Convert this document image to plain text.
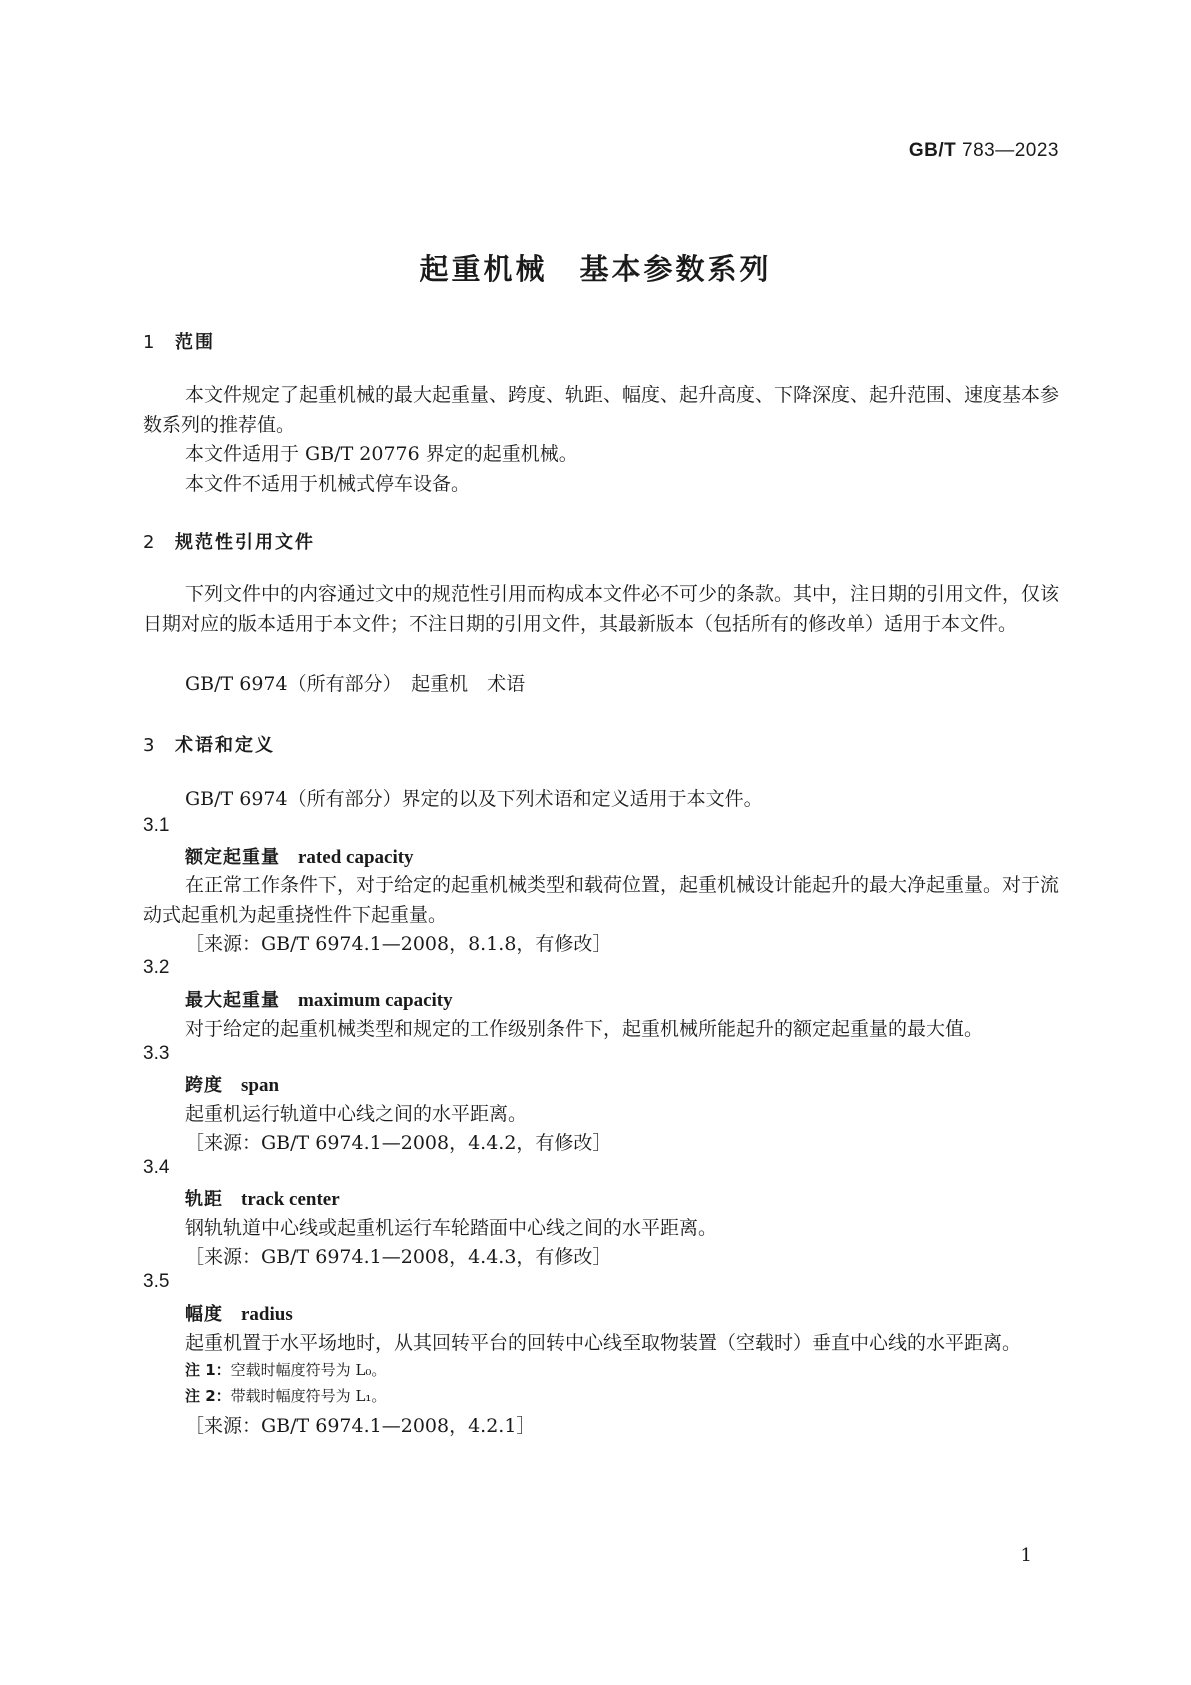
GB/T 783—2023
起重机械　基本参数系列
1 范围
本文件规定了起重机械的最大起重量、跨度、轨距、幅度、起升高度、下降深度、起升范围、速度基本参数系列的推荐值。
本文件适用于 GB/T 20776 界定的起重机械。
本文件不适用于机械式停车设备。
2 规范性引用文件
下列文件中的内容通过文中的规范性引用而构成本文件必不可少的条款。其中，注日期的引用文件，仅该日期对应的版本适用于本文件；不注日期的引用文件，其最新版本（包括所有的修改单）适用于本文件。
GB/T 6974（所有部分）　起重机　术语
3 术语和定义
GB/T 6974（所有部分）界定的以及下列术语和定义适用于本文件。
3.1
额定起重量 rated capacity
在正常工作条件下，对于给定的起重机械类型和载荷位置，起重机械设计能起升的最大净起重量。对于流动式起重机为起重挠性件下起重量。
［来源：GB/T 6974.1—2008，8.1.8，有修改］
3.2
最大起重量 maximum capacity
对于给定的起重机械类型和规定的工作级别条件下，起重机械所能起升的额定起重量的最大值。
3.3
跨度 span
起重机运行轨道中心线之间的水平距离。
［来源：GB/T 6974.1—2008，4.4.2，有修改］
3.4
轨距 track center
钢轨轨道中心线或起重机运行车轮踏面中心线之间的水平距离。
［来源：GB/T 6974.1—2008，4.4.3，有修改］
3.5
幅度 radius
起重机置于水平场地时，从其回转平台的回转中心线至取物装置（空载时）垂直中心线的水平距离。
注 1：空载时幅度符号为 L₀。
注 2：带载时幅度符号为 L₁。
［来源：GB/T 6974.1—2008，4.2.1］
1
